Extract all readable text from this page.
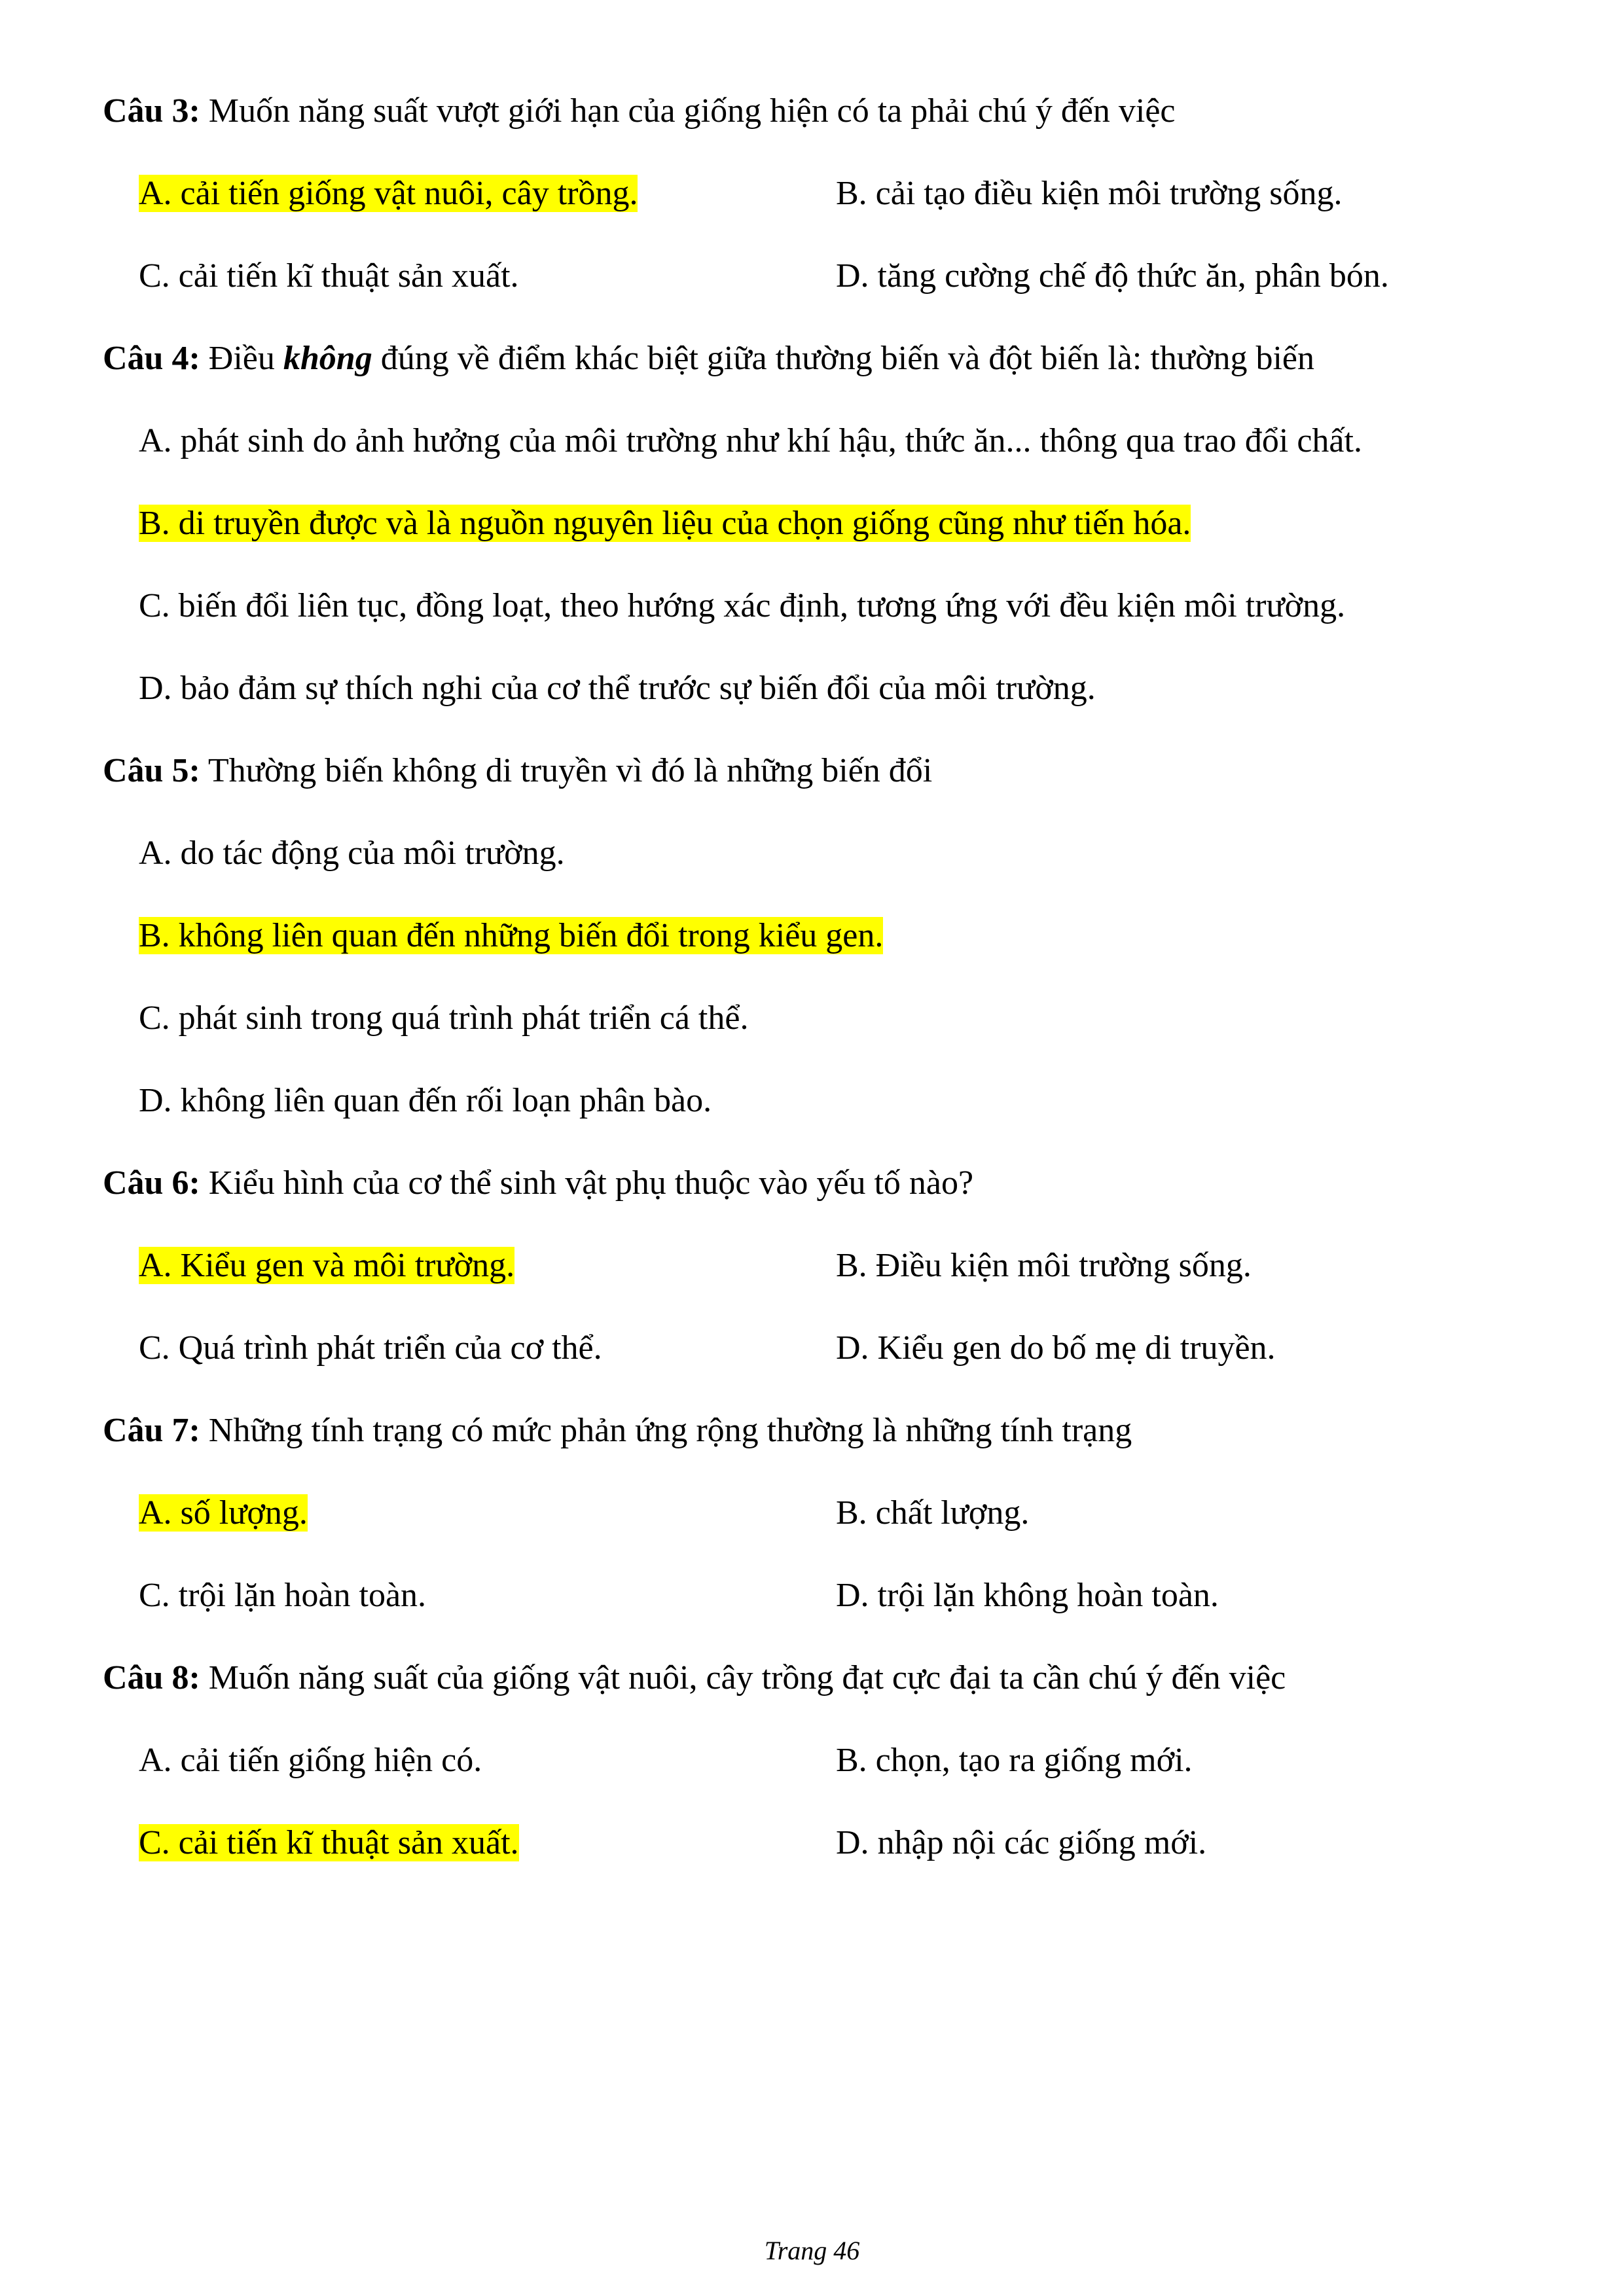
Câu 3: Muốn năng suất vượt giới hạn của giống hiện có ta phải chú ý đến việc

A. cải tiến giống vật nuôi, cây trồng.	B. cải tạo điều kiện môi trường sống.
C. cải tiến kĩ thuật sản xuất.	D. tăng cường chế độ thức ăn, phân bón.

Câu 4: Điều không đúng về điểm khác biệt giữa thường biến và đột biến là: thường biến

A. phát sinh do ảnh hưởng của môi trường như khí hậu, thức ăn... thông qua trao đổi chất.
B. di truyền được và là nguồn nguyên liệu của chọn giống cũng như tiến hóa.
C. biến đổi liên tục, đồng loạt, theo hướng xác định, tương ứng với đều kiện môi trường.
D. bảo đảm sự thích nghi của cơ thể trước sự biến đổi của môi trường.

Câu 5: Thường biến không di truyền vì đó là những biến đổi

A. do tác động của môi trường.
B. không liên quan đến những biến đổi trong kiểu gen.
C. phát sinh trong quá trình phát triển cá thể.
D. không liên quan đến rối loạn phân bào.

Câu 6: Kiểu hình của cơ thể sinh vật phụ thuộc vào yếu tố nào?

A. Kiểu gen và môi trường.	B. Điều kiện môi trường sống.
C. Quá trình phát triển của cơ thể.	D. Kiểu gen do bố mẹ di truyền.

Câu 7: Những tính trạng có mức phản ứng rộng thường là những tính trạng

A. số lượng.	B. chất lượng.
C. trội lặn hoàn toàn.	D. trội lặn không hoàn toàn.

Câu 8: Muốn năng suất của giống vật nuôi, cây trồng đạt cực đại ta cần chú ý đến việc

A. cải tiến giống hiện có.	B. chọn, tạo ra giống mới.
C. cải tiến kĩ thuật sản xuất.	D. nhập nội các giống mới.
Trang 46
